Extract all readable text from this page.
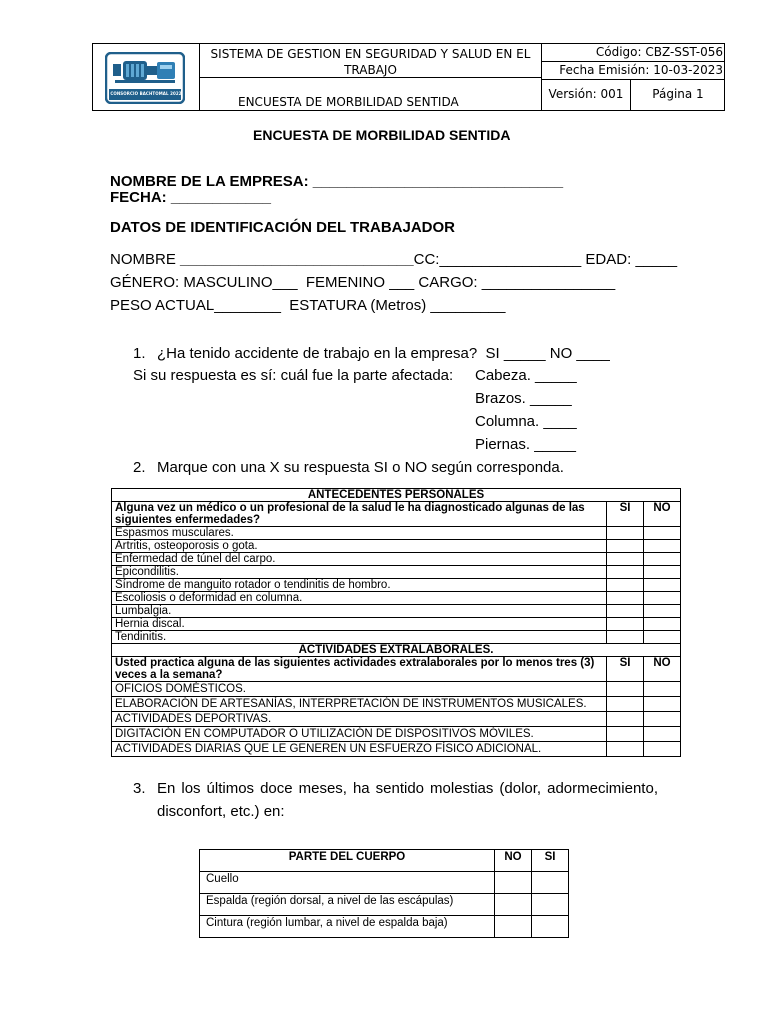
CONSORCIO BACHTOMAL 2022
SISTEMA DE GESTION EN SEGURIDAD Y SALUD EN EL TRABAJO
ENCUESTA DE MORBILIDAD SENTIDA
Código: CBZ-SST-056
Fecha Emisión: 10-03-2023
Versión: 001	Página 1
ENCUESTA DE MORBILIDAD SENTIDA
NOMBRE DE LA EMPRESA: ______________________________
FECHA: ____________
DATOS DE IDENTIFICACIÓN DEL TRABAJADOR
NOMBRE ____________________________CC:_________________ EDAD: _____
GÉNERO: MASCULINO___  FEMENINO ___ CARGO: ________________
PESO ACTUAL________  ESTATURA (Metros) _________
1. ¿Ha tenido accidente de trabajo en la empresa?  SI _____ NO ____
Si su respuesta es sí: cuál fue la parte afectada: Cabeza. _____
Brazos. _____
Columna. ____
Piernas. _____
2. Marque con una X su respuesta SI o NO según corresponda.
ANTECEDENTES PERSONALES		
Alguna vez un médico o un profesional de la salud le ha diagnosticado algunas de las siguientes enfermedades?	SI	NO
Espasmos musculares.		
Artritis, osteoporosis o gota.		
Enfermedad de túnel del carpo.		
Epicondilitis.		
Síndrome de manguito rotador o tendinitis de hombro.		
Escoliosis o deformidad en columna.		
Lumbalgia.		
Hernia discal.		
Tendinitis.		
ACTIVIDADES EXTRALABORALES.		
Usted practica alguna de las siguientes actividades extralaborales por lo menos tres (3) veces a la semana?	SI	NO
OFICIOS DOMÉSTICOS.		
ELABORACIÓN DE ARTESANÍAS, INTERPRETACIÓN DE INSTRUMENTOS MUSICALES.		
ACTIVIDADES DEPORTIVAS.		
DIGITACIÓN EN COMPUTADOR O UTILIZACIÓN DE DISPOSITIVOS MÓVILES.		
ACTIVIDADES DIARIAS QUE LE GENEREN UN ESFUERZO FÍSICO ADICIONAL.		
3. En los últimos doce meses, ha sentido molestias (dolor, adormecimiento,
disconfort, etc.) en:
PARTE DEL CUERPO	NO	SI
Cuello		
Espalda (región dorsal, a nivel de las escápulas)		
Cintura (región lumbar, a nivel de espalda baja)		
